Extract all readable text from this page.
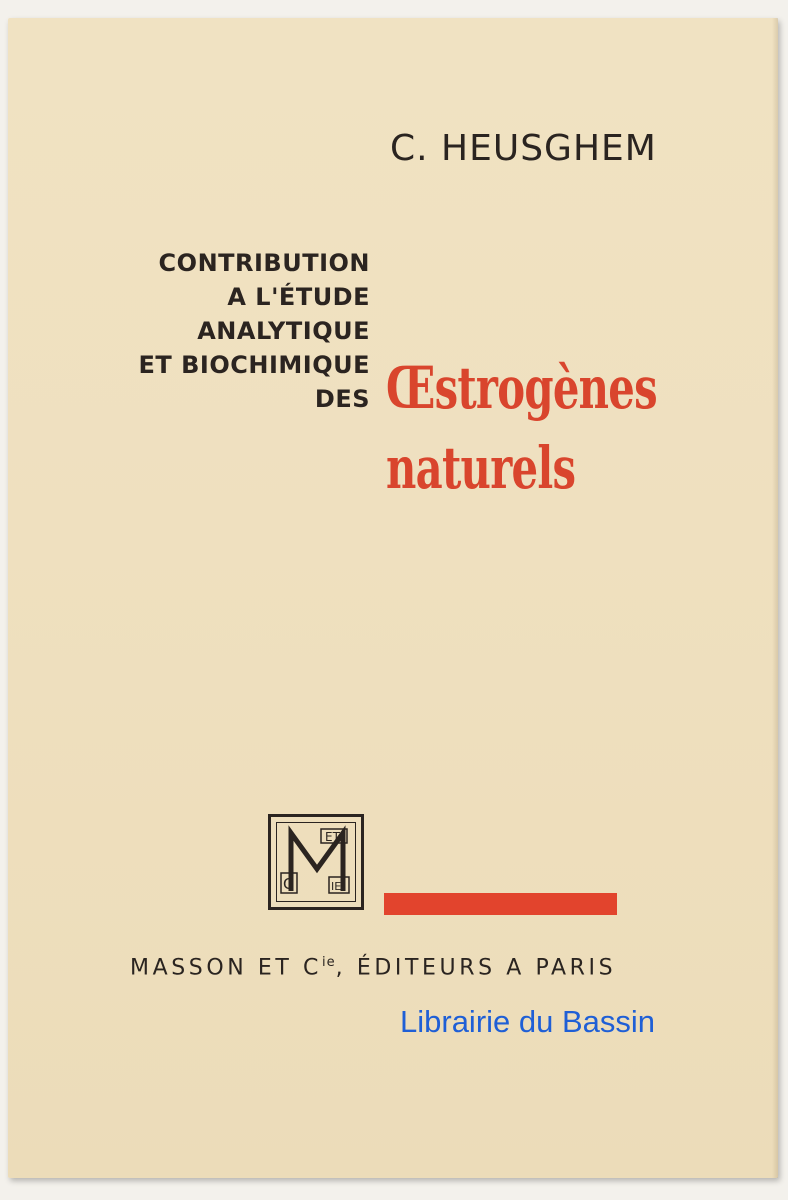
C. HEUSGHEM
CONTRIBUTION
A L'ÉTUDE
ANALYTIQUE
ET BIOCHIMIQUE
DES Œstrogènes
naturels
ET
C	IE
MASSON ET $C^{ie}$, ÉDITEURS A PARIS
Librairie du Bassin
